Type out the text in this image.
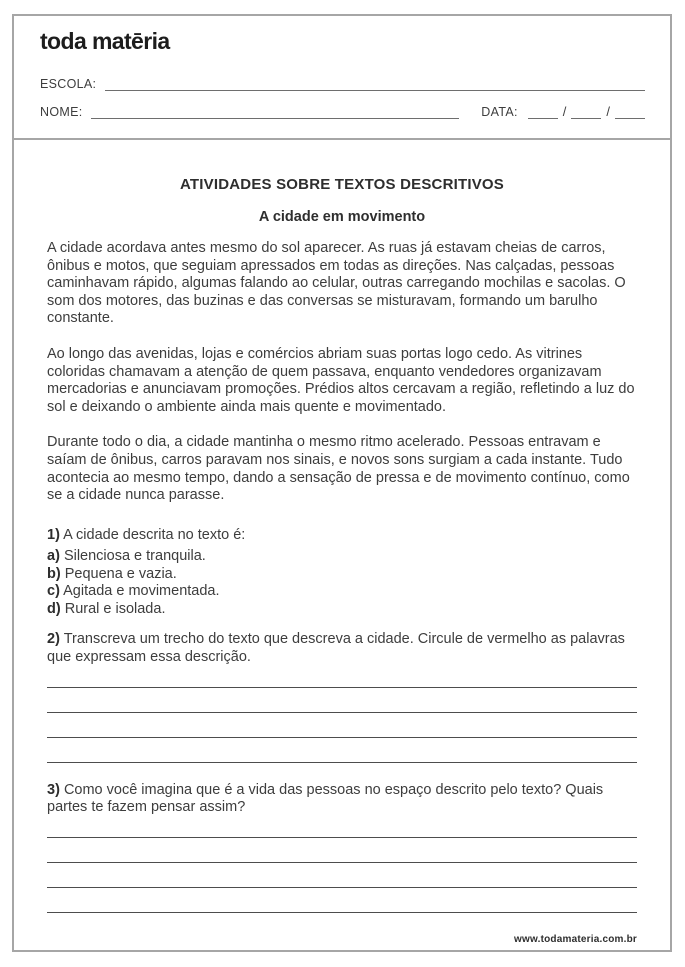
toda matēria
ESCOLA:
NOME:	DATA:	/	/
ATIVIDADES SOBRE TEXTOS DESCRITIVOS
A cidade em movimento

A cidade acordava antes mesmo do sol aparecer. As ruas já estavam cheias de carros, ônibus e motos, que seguiam apressados em todas as direções. Nas calçadas, pessoas caminhavam rápido, algumas falando ao celular, outras carregando mochilas e sacolas. O som dos motores, das buzinas e das conversas se misturavam, formando um barulho constante.

Ao longo das avenidas, lojas e comércios abriam suas portas logo cedo. As vitrines coloridas chamavam a atenção de quem passava, enquanto vendedores organizavam mercadorias e anunciavam promoções. Prédios altos cercavam a região, refletindo a luz do sol e deixando o ambiente ainda mais quente e movimentado.

Durante todo o dia, a cidade mantinha o mesmo ritmo acelerado. Pessoas entravam e saíam de ônibus, carros paravam nos sinais, e novos sons surgiam a cada instante. Tudo acontecia ao mesmo tempo, dando a sensação de pressa e de movimento contínuo, como se a cidade nunca parasse.

1) A cidade descrita no texto é:
a) Silenciosa e tranquila.
b) Pequena e vazia.
c) Agitada e movimentada.
d) Rural e isolada.
2) Transcreva um trecho do texto que descreva a cidade. Circule de vermelho as palavras que expressam essa descrição.
3) Como você imagina que é a vida das pessoas no espaço descrito pelo texto? Quais partes te fazem pensar assim?
www.todamateria.com.br
